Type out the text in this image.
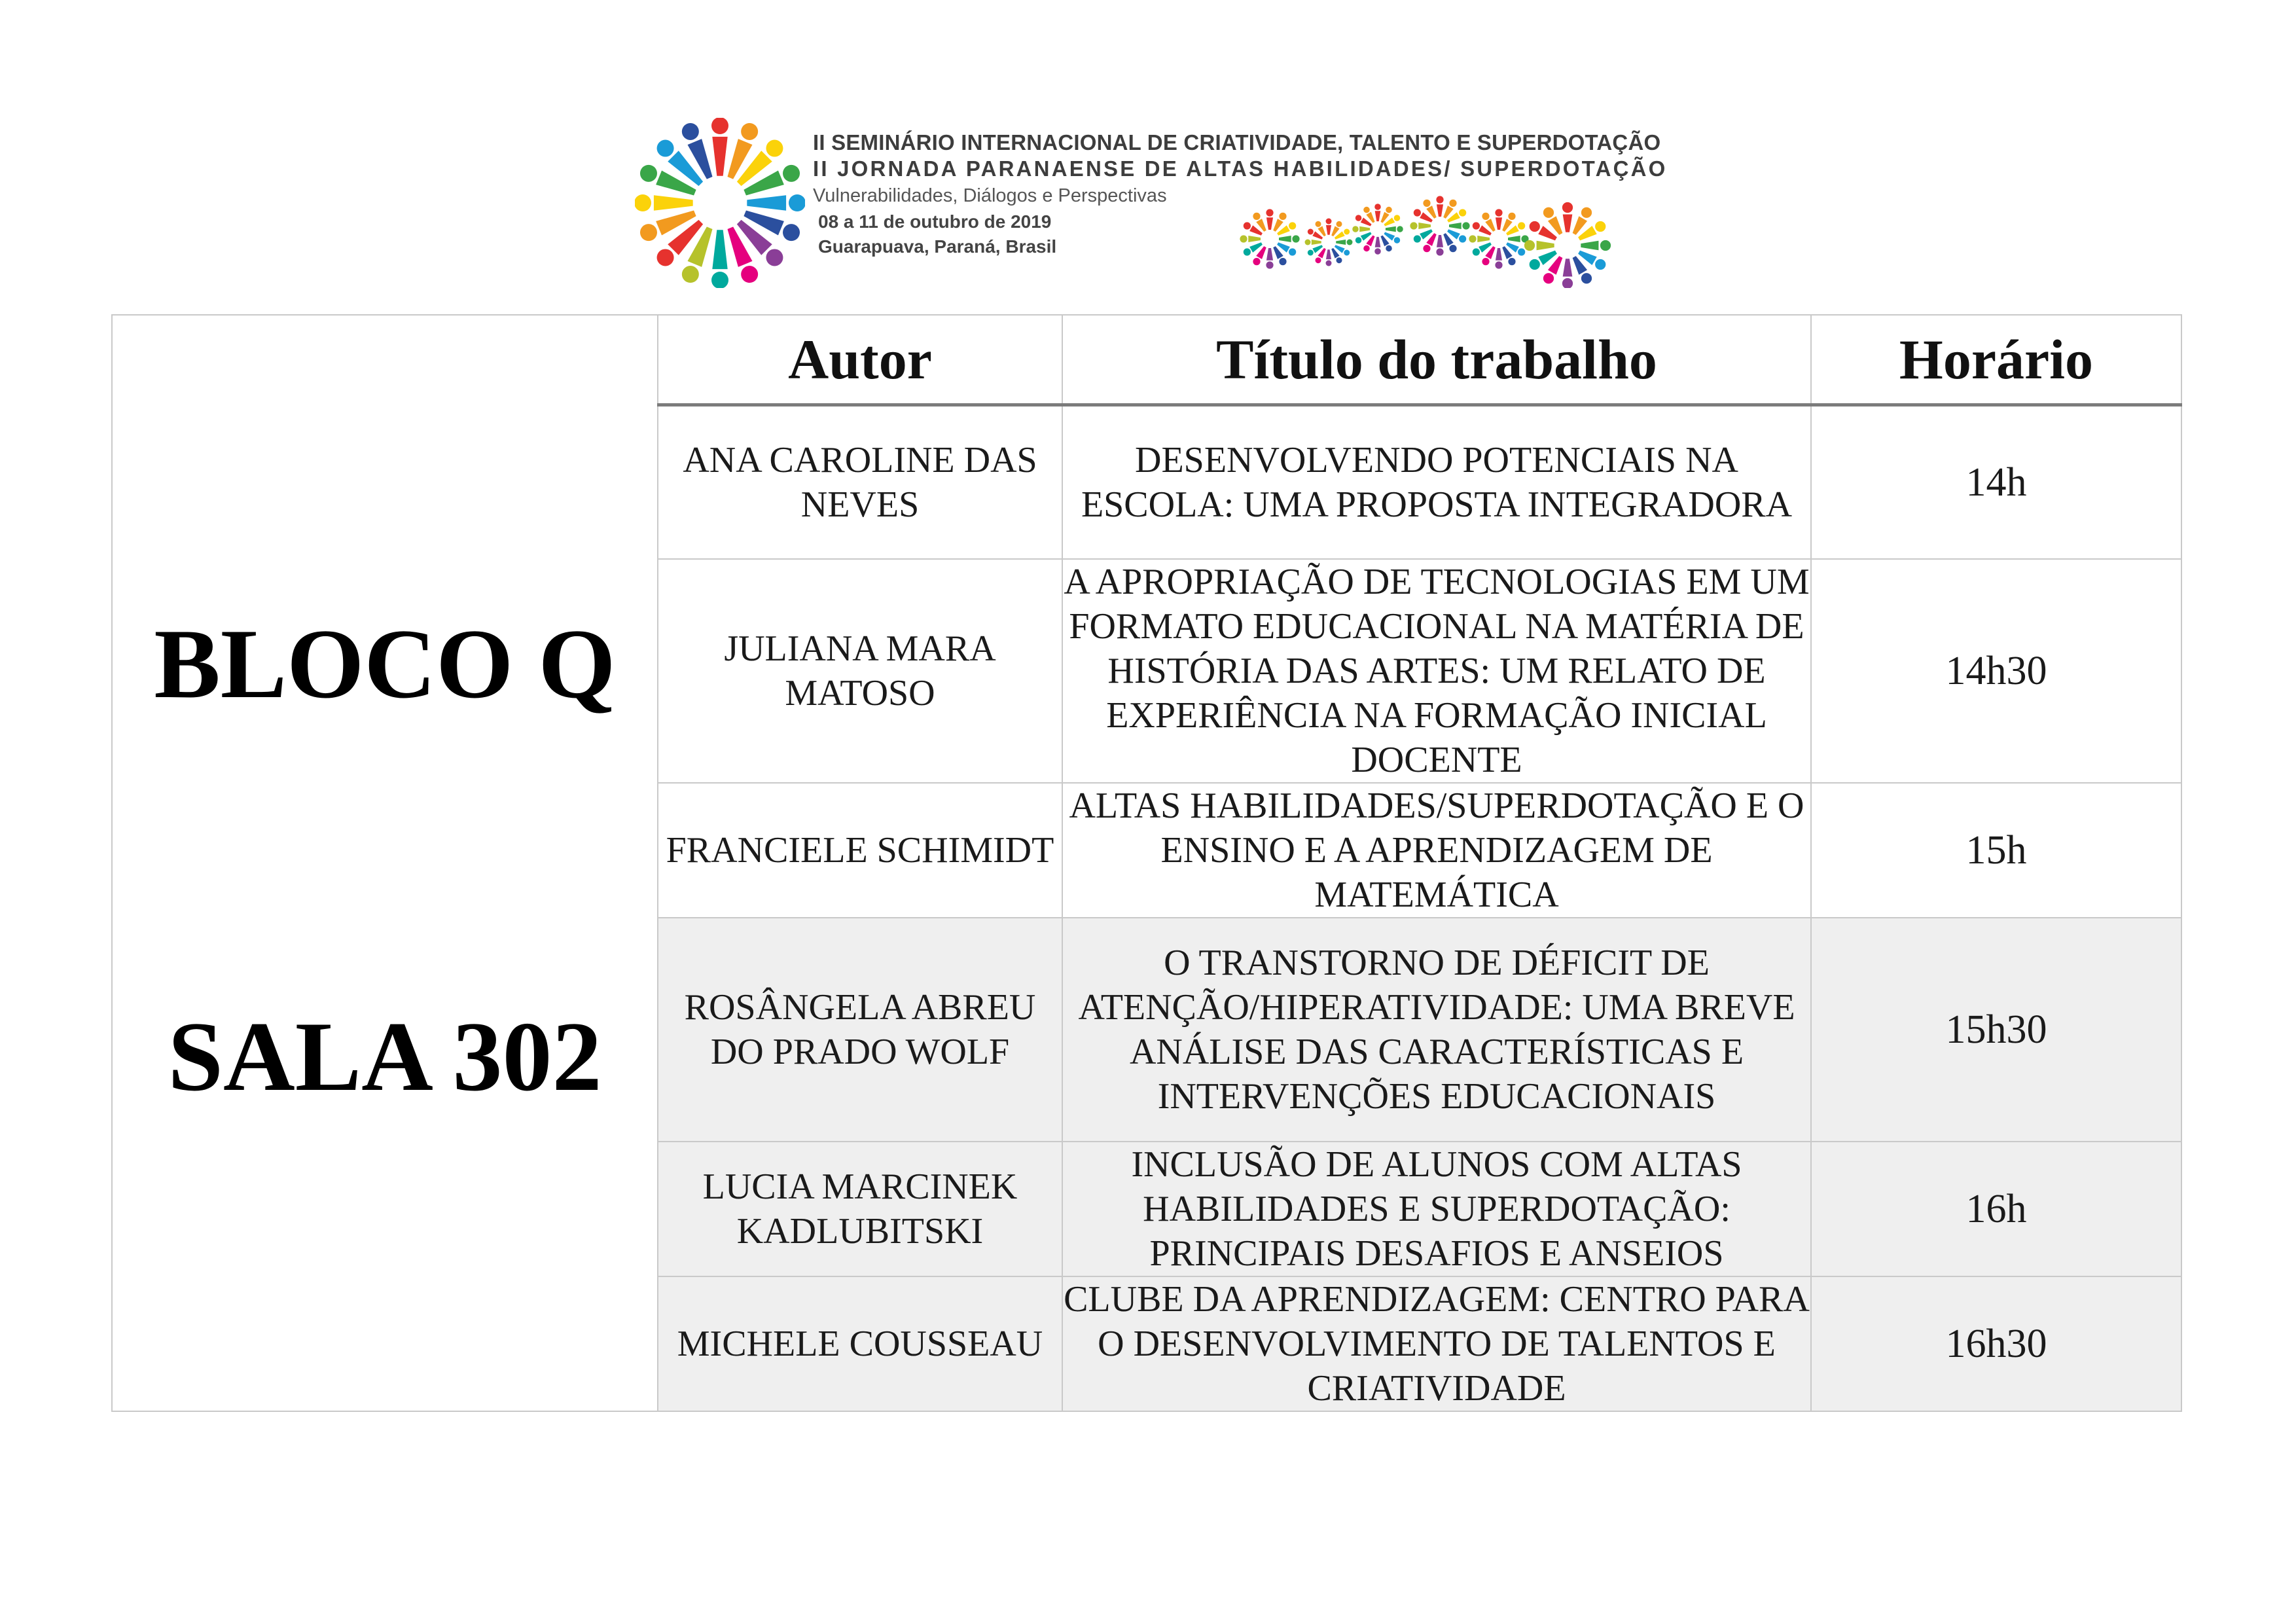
II SEMINÁRIO INTERNACIONAL DE CRIATIVIDADE, TALENTO E SUPERDOTAÇÃO
II JORNADA PARANAENSE DE ALTAS HABILIDADES/ SUPERDOTAÇÃO
Vulnerabilidades, Diálogos e Perspectivas
08 a 11 de outubro de 2019
Guarapuava, Paraná, Brasil
BLOCO Q
SALA 302	Autor	Título do trabalho	Horário
	ANA CAROLINE DAS NEVES	DESENVOLVENDO POTENCIAIS NA ESCOLA: UMA PROPOSTA INTEGRADORA	14h
	JULIANA MARA MATOSO	A APROPRIAÇÃO DE TECNOLOGIAS EM UM FORMATO EDUCACIONAL NA MATÉRIA DE HISTÓRIA DAS ARTES: UM RELATO DE EXPERIÊNCIA NA FORMAÇÃO INICIAL DOCENTE	14h30
	FRANCIELE SCHIMIDT	ALTAS HABILIDADES/SUPERDOTAÇÃO E O ENSINO E A APRENDIZAGEM DE MATEMÁTICA	15h
	ROSÂNGELA ABREU DO PRADO WOLF	O TRANSTORNO DE DÉFICIT DE ATENÇÃO/HIPERATIVIDADE: UMA BREVE ANÁLISE DAS CARACTERÍSTICAS E INTERVENÇÕES EDUCACIONAIS	15h30
	LUCIA MARCINEK KADLUBITSKI	INCLUSÃO DE ALUNOS COM ALTAS HABILIDADES E SUPERDOTAÇÃO: PRINCIPAIS DESAFIOS E ANSEIOS	16h
	MICHELE COUSSEAU	CLUBE DA APRENDIZAGEM: CENTRO PARA O DESENVOLVIMENTO DE TALENTOS E CRIATIVIDADE	16h30
